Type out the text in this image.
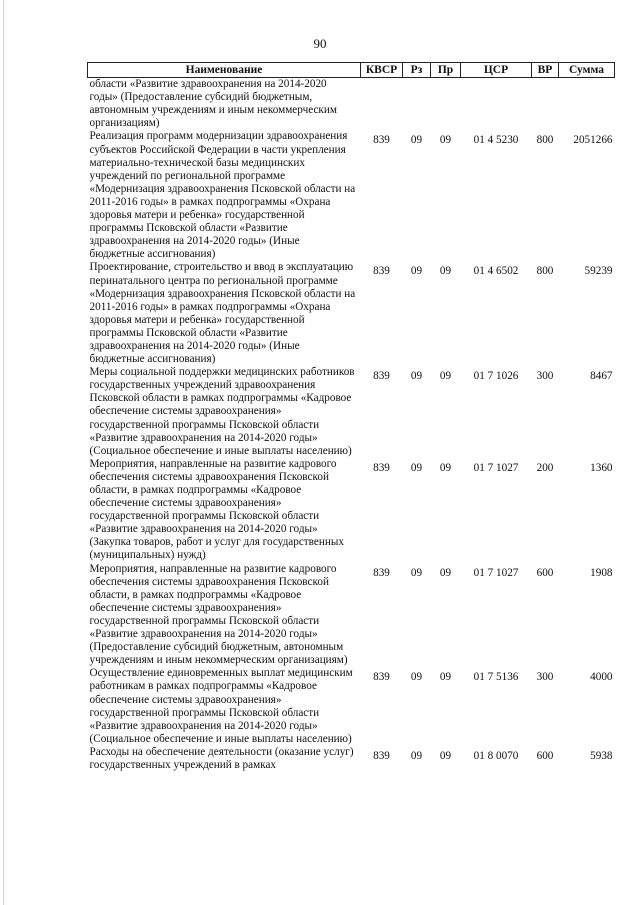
90
Наименование	КВСР	Рз	Пр	ЦСР	ВР	Сумма
области «Развитие здравоохранения на 2014-2020 годы» (Предоставление субсидий бюджетным, автономным учреждениям и иным некоммерческим организациям)						
Реализация программ модернизации здравоохранения субъектов Российской Федерации в части укрепления материально-технической базы медицинских учреждений по региональной программе «Модернизация здравоохранения Псковской области на 2011-2016 годы» в рамках подпрограммы «Охрана здоровья матери и ребенка» государственной программы Псковской области «Развитие здравоохранения на 2014-2020 годы» (Иные бюджетные ассигнования)	839	09	09	01 4 5230	800	2051266
Проектирование, строительство и ввод в эксплуатацию перинатального центра по региональной программе «Модернизация здравоохранения Псковской области на 2011-2016 годы» в рамках подпрограммы «Охрана здоровья матери и ребенка» государственной программы Псковской области «Развитие здравоохранения на 2014-2020 годы» (Иные бюджетные ассигнования)	839	09	09	01 4 6502	800	59239
Меры социальной поддержки медицинских работников государственных учреждений здравоохранения Псковской области в рамках подпрограммы «Кадровое обеспечение системы здравоохранения» государственной программы Псковской области «Развитие здравоохранения на 2014-2020 годы» (Социальное обеспечение и иные выплаты населению)	839	09	09	01 7 1026	300	8467
Мероприятия, направленные на развитие кадрового обеспечения системы здравоохранения Псковской области, в рамках подпрограммы «Кадровое обеспечение системы здравоохранения» государственной программы Псковской области «Развитие здравоохранения на 2014-2020 годы» (Закупка товаров, работ и услуг для государственных (муниципальных) нужд)	839	09	09	01 7 1027	200	1360
Мероприятия, направленные на развитие кадрового обеспечения системы здравоохранения Псковской области, в рамках подпрограммы «Кадровое обеспечение системы здравоохранения» государственной программы Псковской области «Развитие здравоохранения на 2014-2020 годы» (Предоставление субсидий бюджетным, автономным учреждениям и иным некоммерческим организациям)	839	09	09	01 7 1027	600	1908
Осуществление единовременных выплат медицинским работникам в рамках подпрограммы «Кадровое обеспечение системы здравоохранения» государственной программы Псковской области «Развитие здравоохранения на 2014-2020 годы» (Социальное обеспечение и иные выплаты населению)	839	09	09	01 7 5136	300	4000
Расходы на обеспечение деятельности (оказание услуг) государственных учреждений в рамках	839	09	09	01 8 0070	600	5938
